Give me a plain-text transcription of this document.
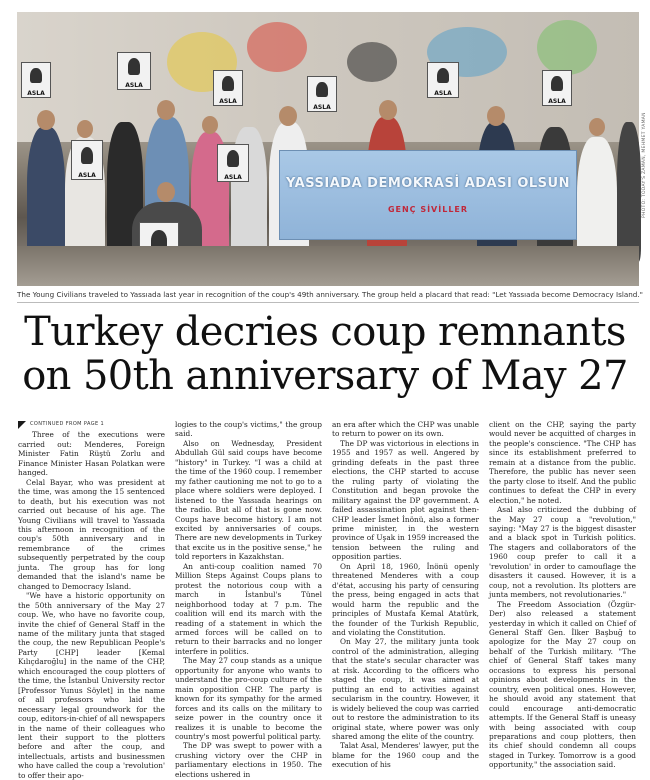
ASLA
ASLA
ASLA
ASLA
ASLA
ASLA
ASLA	ASLA	YASSIADA DEMOKRASİ ADASI OLSUN
GENÇ SİVİLLER	PHOTO: TODAY'S ZAMAN, MEHMET YAMAN
The Young Civilians traveled to Yassıada last year in recognition of the coup's 49th anniversary. The group held a placard that read: "Let Yassıada become Democracy Island."
Turkey decries coup remnants
on 50th anniversary of May 27
CONTINUED FROM PAGE 1

Three of the executions were carried out: Menderes, Foreign Minister Fatin Rüştü Zorlu and Finance Minister Hasan Polatkan were hanged.

Celal Bayar, who was president at the time, was among the 15 sentenced to death, but his execution was not carried out because of his age. The Young Civilians will travel to Yassıada this afternoon in recognition of the coup's 50th anniversary and in remembrance of the crimes subsequently perpetrated by the coup junta. The group has for long demanded that the island's name be changed to Democracy Island.

"We have a historic opportunity on the 50th anniversary of the May 27 coup. We, who have no favorite coup, invite the chief of General Staff in the name of the military junta that staged the coup, the new Republican People's Party [CHP] leader [Kemal Kılıçdaroğlu] in the name of the CHP, which encouraged the coup plotters of the time, the İstanbul University rector [Professor Yunus Söylet] in the name of all professors who laid the necessary legal groundwork for the coup, editors-in-chief of all newspapers in the name of their colleagues who lent their support to the plotters before and after the coup, and intellectuals, artists and businessmen who have called the coup a 'revolution' to offer their apo-

logies to the coup's victims," the group said.

Also on Wednesday, President Abdullah Gül said coups have become "history" in Turkey. "I was a child at the time of the 1960 coup. I remember my father cautioning me not to go to a place where soldiers were deployed. I listened to the Yassıada hearings on the radio. But all of that is gone now. Coups have become history. I am not excited by anniversaries of coups. There are new developments in Turkey that excite us in the positive sense," he told reporters in Kazakhstan.

An anti-coup coalition named 70 Million Steps Against Coups plans to protest the notorious coup with a march in İstanbul's Tünel neighborhood today at 7 p.m. The coalition will end its march with the reading of a statement in which the armed forces will be called on to return to their barracks and no longer interfere in politics.

The May 27 coup stands as a unique opportunity for anyone who wants to understand the pro-coup culture of the main opposition CHP. The party is known for its sympathy for the armed forces and its calls on the military to seize power in the country once it realizes it is unable to become the country's most powerful political party.

The DP was swept to power with a crushing victory over the CHP in parliamentary elections in 1950. The elections ushered in

an era after which the CHP was unable to return to power on its own.

The DP was victorious in elections in 1955 and 1957 as well. Angered by grinding defeats in the past three elections, the CHP started to accuse the ruling party of violating the Constitution and began provoke the military against the DP government. A failed assassination plot against then-CHP leader İsmet İnönü, also a former prime minister, in the western province of Uşak in 1959 increased the tension between the ruling and opposition parties.

On April 18, 1960, İnönü openly threatened Menderes with a coup d'état, accusing his party of censuring the press, being engaged in acts that would harm the republic and the principles of Mustafa Kemal Atatürk, the founder of the Turkish Republic, and violating the Constitution.

On May 27, the military junta took control of the administration, alleging that the state's secular character was at risk. According to the officers who staged the coup, it was aimed at putting an end to activities against secularism in the country. However, it is widely believed the coup was carried out to restore the administration to its original state, where power was only shared among the elite of the country.

Talat Asal, Menderes' lawyer, put the blame for the 1960 coup and the execution of his

client on the CHP, saying the party would never be acquitted of charges in the people's conscience. "The CHP has since its establishment preferred to remain at a distance from the public. Therefore, the public has never seen the party close to itself. And the public continues to defeat the CHP in every election," he noted.

Asal also criticized the dubbing of the May 27 coup a "revolution," saying: "May 27 is the biggest disaster and a black spot in Turkish politics. The stagers and collaborators of the 1960 coup prefer to call it a 'revolution' in order to camouflage the disasters it caused. However, it is a coup, not a revolution. Its plotters are junta members, not revolutionaries."

The Freedom Association (Özgür-Der) also released a statement yesterday in which it called on Chief of General Staff Gen. İlker Başbuğ to apologize for the May 27 coup on behalf of the Turkish military. "The chief of General Staff takes many occasions to express his personal opinions about developments in the country, even political ones. However, he should avoid any statement that could encourage anti-democratic attempts. If the General Staff is uneasy with being associated with coup preparations and coup plotters, then its chief should condemn all coups staged in Turkey. Tomorrow is a good opportunity," the association said.
